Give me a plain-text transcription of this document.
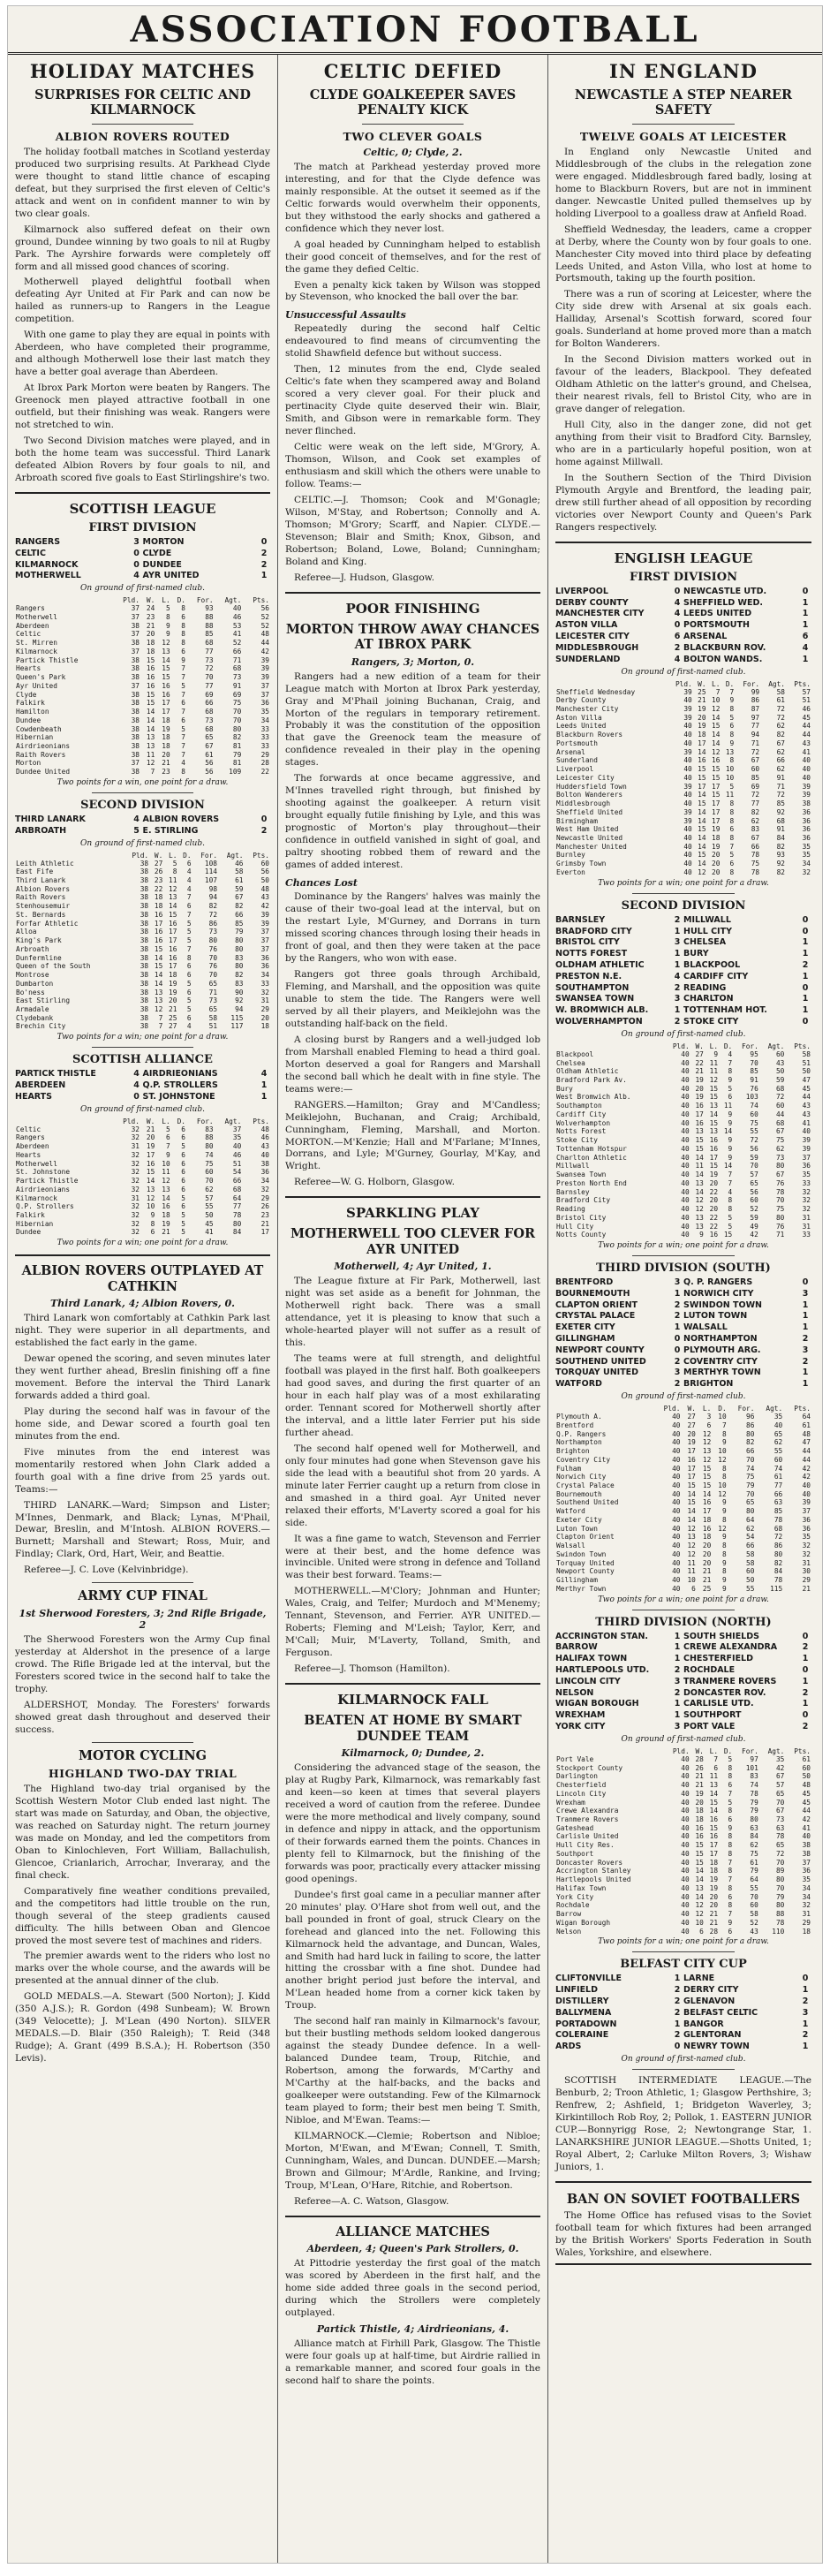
ASSOCIATION FOOTBALL
HOLIDAY MATCHES
SURPRISES FOR CELTIC AND KILMARNOCK
ALBION ROVERS ROUTED

The holiday football matches in Scotland yesterday produced two surprising results. At Parkhead Clyde were thought to stand little chance of escaping defeat, but they surprised the first eleven of Celtic's attack and went on in confident manner to win by two clear goals.

Kilmarnock also suffered defeat on their own ground, Dundee winning by two goals to nil at Rugby Park. The Ayrshire forwards were completely off form and all missed good chances of scoring.

Motherwell played delightful football when defeating Ayr United at Fir Park and can now be hailed as runners-up to Rangers in the League competition.

With one game to play they are equal in points with Aberdeen, who have completed their programme, and although Motherwell lose their last match they have a better goal average than Aberdeen.

At Ibrox Park Morton were beaten by Rangers. The Greenock men played attractive football in one outfield, but their finishing was weak. Rangers were not stretched to win.

Two Second Division matches were played, and in both the home team was successful. Third Lanark defeated Albion Rovers by four goals to nil, and Arbroath scored five goals to East Stirlingshire's two.

SCOTTISH LEAGUE
FIRST DIVISION
RANGERS	3 MORTON	0
CELTIC	0 CLYDE	2
KILMARNOCK	0 DUNDEE	2
MOTHERWELL	4 AYR UNITED	1
On ground of first-named club.
	Pld.	W.	L.	D.	For.	Agt.	Pts.
Rangers	37	24	5	8	93	40	56
Motherwell	37	23	8	6	88	46	52
Aberdeen	38	21	9	8	88	53	52
Celtic	37	20	9	8	85	41	48
St. Mirren	38	18	12	8	68	52	44
Kilmarnock	37	18	13	6	77	66	42
Partick Thistle	38	15	14	9	73	71	39
Hearts	38	16	15	7	72	68	39
Queen's Park	38	16	15	7	70	73	39
Ayr United	37	16	16	5	77	91	37
Clyde	38	15	16	7	69	69	37
Falkirk	38	15	17	6	66	75	36
Hamilton	38	14	17	7	68	70	35
Dundee	38	14	18	6	73	70	34
Cowdenbeath	38	14	19	5	68	80	33
Hibernian	38	13	18	7	65	82	33
Airdrieonians	38	13	18	7	67	81	33
Raith Rovers	38	11	20	7	61	79	29
Morton	37	12	21	4	56	81	28
Dundee United	38	7	23	8	56	109	22
Two points for a win, one point for a draw.
SECOND DIVISION
THIRD LANARK	4 ALBION ROVERS	0
ARBROATH	5 E. STIRLING	2
On ground of first-named club.
	Pld.	W.	L.	D.	For.	Agt.	Pts.
Leith Athletic	38	27	5	6	108	46	60
East Fife	38	26	8	4	114	58	56
Third Lanark	38	23	11	4	107	61	50
Albion Rovers	38	22	12	4	98	59	48
Raith Rovers	38	18	13	7	94	67	43
Stenhousemuir	38	18	14	6	82	82	42
St. Bernards	38	16	15	7	72	66	39
Forfar Athletic	38	17	16	5	86	85	39
Alloa	38	16	17	5	73	79	37
King's Park	38	16	17	5	80	80	37
Arbroath	38	15	16	7	76	80	37
Dunfermline	38	14	16	8	70	83	36
Queen of the South	38	15	17	6	76	80	36
Montrose	38	14	18	6	70	82	34
Dumbarton	38	14	19	5	65	83	33
Bo'ness	38	13	19	6	71	90	32
East Stirling	38	13	20	5	73	92	31
Armadale	38	12	21	5	65	94	29
Clydebank	38	7	25	6	58	115	20
Brechin City	38	7	27	4	51	117	18
Two points for a win; one point for a draw.
SCOTTISH ALLIANCE
PARTICK THISTLE	4 AIRDRIEONIANS	4
ABERDEEN	4 Q.P. STROLLERS	1
HEARTS	0 ST. JOHNSTONE	1
On ground of first-named club.
	Pld.	W.	L.	D.	For.	Agt.	Pts.
Celtic	32	21	5	6	83	37	48
Rangers	32	20	6	6	88	35	46
Aberdeen	31	19	7	5	80	40	43
Hearts	32	17	9	6	74	46	40
Motherwell	32	16	10	6	75	51	38
St. Johnstone	32	15	11	6	60	54	36
Partick Thistle	32	14	12	6	70	66	34
Airdrieonians	32	13	13	6	62	68	32
Kilmarnock	31	12	14	5	57	64	29
Q.P. Strollers	32	10	16	6	55	77	26
Falkirk	32	9	18	5	50	78	23
Hibernian	32	8	19	5	45	80	21
Dundee	32	6	21	5	41	84	17
Two points for a win; one point for a draw.
ALBION ROVERS OUTPLAYED AT CATHKIN
Third Lanark, 4; Albion Rovers, 0.

Third Lanark won comfortably at Cathkin Park last night. They were superior in all departments, and established the fact early in the game.

Dewar opened the scoring, and seven minutes later they went further ahead, Breslin finishing off a fine movement. Before the interval the Third Lanark forwards added a third goal.

Play during the second half was in favour of the home side, and Dewar scored a fourth goal ten minutes from the end.

Five minutes from the end interest was momentarily restored when John Clark added a fourth goal with a fine drive from 25 yards out. Teams:—

THIRD LANARK.—Ward; Simpson and Lister; M'Innes, Denmark, and Black; Lynas, M'Phail, Dewar, Breslin, and M'Intosh. ALBION ROVERS.—Burnett; Marshall and Stewart; Ross, Muir, and Findlay; Clark, Ord, Hart, Weir, and Beattie.

Referee—J. C. Love (Kelvinbridge).

ARMY CUP FINAL
1st Sherwood Foresters, 3; 2nd Rifle Brigade, 2

The Sherwood Foresters won the Army Cup final yesterday at Aldershot in the presence of a large crowd. The Rifle Brigade led at the interval, but the Foresters scored twice in the second half to take the trophy.

ALDERSHOT, Monday. The Foresters' forwards showed great dash throughout and deserved their success.

MOTOR CYCLING
HIGHLAND TWO-DAY TRIAL

The Highland two-day trial organised by the Scottish Western Motor Club ended last night. The start was made on Saturday, and Oban, the objective, was reached on Saturday night. The return journey was made on Monday, and led the competitors from Oban to Kinlochleven, Fort William, Ballachulish, Glencoe, Crianlarich, Arrochar, Inveraray, and the final check.

Comparatively fine weather conditions prevailed, and the competitors had little trouble on the run, though several of the steep gradients caused difficulty. The hills between Oban and Glencoe proved the most severe test of machines and riders.

The premier awards went to the riders who lost no marks over the whole course, and the awards will be presented at the annual dinner of the club.

GOLD MEDALS.—A. Stewart (500 Norton); J. Kidd (350 A.J.S.); R. Gordon (498 Sunbeam); W. Brown (349 Velocette); J. M'Lean (490 Norton). SILVER MEDALS.—D. Blair (350 Raleigh); T. Reid (348 Rudge); A. Grant (499 B.S.A.); H. Robertson (350 Levis).

CELTIC DEFIED
CLYDE GOALKEEPER SAVES PENALTY KICK
TWO CLEVER GOALS
Celtic, 0; Clyde, 2.

The match at Parkhead yesterday proved more interesting, and for that the Clyde defence was mainly responsible. At the outset it seemed as if the Celtic forwards would overwhelm their opponents, but they withstood the early shocks and gathered a confidence which they never lost.

A goal headed by Cunningham helped to establish their good conceit of themselves, and for the rest of the game they defied Celtic.

Even a penalty kick taken by Wilson was stopped by Stevenson, who knocked the ball over the bar.

Unsuccessful Assaults

Repeatedly during the second half Celtic endeavoured to find means of circumventing the stolid Shawfield defence but without success.

Then, 12 minutes from the end, Clyde sealed Celtic's fate when they scampered away and Boland scored a very clever goal. For their pluck and pertinacity Clyde quite deserved their win. Blair, Smith, and Gibson were in remarkable form. They never flinched.

Celtic were weak on the left side, M'Grory, A. Thomson, Wilson, and Cook set examples of enthusiasm and skill which the others were unable to follow. Teams:—

CELTIC.—J. Thomson; Cook and M'Gonagle; Wilson, M'Stay, and Robertson; Connolly and A. Thomson; M'Grory; Scarff, and Napier. CLYDE.—Stevenson; Blair and Smith; Knox, Gibson, and Robertson; Boland, Lowe, Boland; Cunningham; Boland and King.

Referee—J. Hudson, Glasgow.

POOR FINISHING
MORTON THROW AWAY CHANCES AT IBROX PARK
Rangers, 3; Morton, 0.

Rangers had a new edition of a team for their League match with Morton at Ibrox Park yesterday, Gray and M'Phail joining Buchanan, Craig, and Morton of the regulars in temporary retirement. Probably it was the constitution of the opposition that gave the Greenock team the measure of confidence revealed in their play in the opening stages.

The forwards at once became aggressive, and M'Innes travelled right through, but finished by shooting against the goalkeeper. A return visit brought equally futile finishing by Lyle, and this was prognostic of Morton's play throughout—their confidence in outfield vanished in sight of goal, and paltry shooting robbed them of reward and the games of added interest.

Chances Lost

Dominance by the Rangers' halves was mainly the cause of their two-goal lead at the interval, but on the restart Lyle, M'Gurney, and Dorrans in turn missed scoring chances through losing their heads in front of goal, and then they were taken at the pace by the Rangers, who won with ease.

Rangers got three goals through Archibald, Fleming, and Marshall, and the opposition was quite unable to stem the tide. The Rangers were well served by all their players, and Meiklejohn was the outstanding half-back on the field.

A closing burst by Rangers and a well-judged lob from Marshall enabled Fleming to head a third goal. Morton deserved a goal for Rangers and Marshall the second ball which he dealt with in fine style. The teams were:—

RANGERS.—Hamilton; Gray and M'Candless; Meiklejohn, Buchanan, and Craig; Archibald, Cunningham, Fleming, Marshall, and Morton. MORTON.—M'Kenzie; Hall and M'Farlane; M'Innes, Dorrans, and Lyle; M'Gurney, Gourlay, M'Kay, and Wright.

Referee—W. G. Holborn, Glasgow.

SPARKLING PLAY
MOTHERWELL TOO CLEVER FOR AYR UNITED
Motherwell, 4; Ayr United, 1.

The League fixture at Fir Park, Motherwell, last night was set aside as a benefit for Johnman, the Motherwell right back. There was a small attendance, yet it is pleasing to know that such a whole-hearted player will not suffer as a result of this.

The teams were at full strength, and delightful football was played in the first half. Both goalkeepers had good saves, and during the first quarter of an hour in each half play was of a most exhilarating order. Tennant scored for Motherwell shortly after the interval, and a little later Ferrier put his side further ahead.

The second half opened well for Motherwell, and only four minutes had gone when Stevenson gave his side the lead with a beautiful shot from 20 yards. A minute later Ferrier caught up a return from close in and smashed in a third goal. Ayr United never relaxed their efforts, M'Laverty scored a goal for his side.

It was a fine game to watch, Stevenson and Ferrier were at their best, and the home defence was invincible. United were strong in defence and Tolland was their best forward. Teams:—

MOTHERWELL.—M'Clory; Johnman and Hunter; Wales, Craig, and Telfer; Murdoch and M'Menemy; Tennant, Stevenson, and Ferrier. AYR UNITED.—Roberts; Fleming and M'Leish; Taylor, Kerr, and M'Call; Muir, M'Laverty, Tolland, Smith, and Ferguson.

Referee—J. Thomson (Hamilton).

KILMARNOCK FALL
BEATEN AT HOME BY SMART DUNDEE TEAM
Kilmarnock, 0; Dundee, 2.

Considering the advanced stage of the season, the play at Rugby Park, Kilmarnock, was remarkably fast and keen—so keen at times that several players received a word of caution from the referee. Dundee were the more methodical and lively company, sound in defence and nippy in attack, and the opportunism of their forwards earned them the points. Chances in plenty fell to Kilmarnock, but the finishing of the forwards was poor, practically every attacker missing good openings.

Dundee's first goal came in a peculiar manner after 20 minutes' play. O'Hare shot from well out, and the ball pounded in front of goal, struck Cleary on the forehead and glanced into the net. Following this Kilmarnock held the advantage, and Duncan, Wales, and Smith had hard luck in failing to score, the latter hitting the crossbar with a fine shot. Dundee had another bright period just before the interval, and M'Lean headed home from a corner kick taken by Troup.

The second half ran mainly in Kilmarnock's favour, but their bustling methods seldom looked dangerous against the steady Dundee defence. In a well-balanced Dundee team, Troup, Ritchie, and Robertson, among the forwards, M'Carthy and M'Carthy at the half-backs, and the backs and goalkeeper were outstanding. Few of the Kilmarnock team played to form; their best men being T. Smith, Nibloe, and M'Ewan. Teams:—

KILMARNOCK.—Clemie; Robertson and Nibloe; Morton, M'Ewan, and M'Ewan; Connell, T. Smith, Cunningham, Wales, and Duncan. DUNDEE.—Marsh; Brown and Gilmour; M'Ardle, Rankine, and Irving; Troup, M'Lean, O'Hare, Ritchie, and Robertson.

Referee—A. C. Watson, Glasgow.

ALLIANCE MATCHES
Aberdeen, 4; Queen's Park Strollers, 0.

At Pittodrie yesterday the first goal of the match was scored by Aberdeen in the first half, and the home side added three goals in the second period, during which the Strollers were completely outplayed.

Partick Thistle, 4; Airdrieonians, 4.

Alliance match at Firhill Park, Glasgow. The Thistle were four goals up at half-time, but Airdrie rallied in a remarkable manner, and scored four goals in the second half to share the points.

IN ENGLAND
NEWCASTLE A STEP NEARER SAFETY
TWELVE GOALS AT LEICESTER

In England only Newcastle United and Middlesbrough of the clubs in the relegation zone were engaged. Middlesbrough fared badly, losing at home to Blackburn Rovers, but are not in imminent danger. Newcastle United pulled themselves up by holding Liverpool to a goalless draw at Anfield Road.

Sheffield Wednesday, the leaders, came a cropper at Derby, where the County won by four goals to one. Manchester City moved into third place by defeating Leeds United, and Aston Villa, who lost at home to Portsmouth, taking up the fourth position.

There was a run of scoring at Leicester, where the City side drew with Arsenal at six goals each. Halliday, Arsenal's Scottish forward, scored four goals. Sunderland at home proved more than a match for Bolton Wanderers.

In the Second Division matters worked out in favour of the leaders, Blackpool. They defeated Oldham Athletic on the latter's ground, and Chelsea, their nearest rivals, fell to Bristol City, who are in grave danger of relegation.

Hull City, also in the danger zone, did not get anything from their visit to Bradford City. Barnsley, who are in a particularly hopeful position, won at home against Millwall.

In the Southern Section of the Third Division Plymouth Argyle and Brentford, the leading pair, drew still further ahead of all opposition by recording victories over Newport County and Queen's Park Rangers respectively.

ENGLISH LEAGUE
FIRST DIVISION
LIVERPOOL	0 NEWCASTLE UTD.	0
DERBY COUNTY	4 SHEFFIELD WED.	1
MANCHESTER CITY	4 LEEDS UNITED	1
ASTON VILLA	0 PORTSMOUTH	1
LEICESTER CITY	6 ARSENAL	6
MIDDLESBROUGH	2 BLACKBURN ROV.	4
SUNDERLAND	4 BOLTON WANDS.	1
On ground of first-named club.
	Pld.	W.	L.	D.	For.	Agt.	Pts.
Sheffield Wednesday	39	25	7	7	99	58	57
Derby County	40	21	10	9	86	61	51
Manchester City	39	19	12	8	87	72	46
Aston Villa	39	20	14	5	97	72	45
Leeds United	40	19	15	6	77	62	44
Blackburn Rovers	40	18	14	8	94	82	44
Portsmouth	40	17	14	9	71	67	43
Arsenal	39	14	12	13	72	62	41
Sunderland	40	16	16	8	67	66	40
Liverpool	40	15	15	10	60	62	40
Leicester City	40	15	15	10	85	91	40
Huddersfield Town	39	17	17	5	69	71	39
Bolton Wanderers	40	14	15	11	72	72	39
Middlesbrough	40	15	17	8	77	85	38
Sheffield United	39	14	17	8	82	92	36
Birmingham	39	14	17	8	62	68	36
West Ham United	40	15	19	6	83	91	36
Newcastle United	40	14	18	8	67	84	36
Manchester United	40	14	19	7	66	82	35
Burnley	40	15	20	5	78	93	35
Grimsby Town	40	14	20	6	75	92	34
Everton	40	12	20	8	78	82	32
Two points for a win; one point for a draw.
SECOND DIVISION
BARNSLEY	2 MILLWALL	0
BRADFORD CITY	1 HULL CITY	0
BRISTOL CITY	3 CHELSEA	1
NOTTS FOREST	1 BURY	1
OLDHAM ATHLETIC	1 BLACKPOOL	2
PRESTON N.E.	4 CARDIFF CITY	1
SOUTHAMPTON	2 READING	0
SWANSEA TOWN	3 CHARLTON	1
W. BROMWICH ALB.	1 TOTTENHAM HOT.	1
WOLVERHAMPTON	2 STOKE CITY	0
On ground of first-named club.
	Pld.	W.	L.	D.	For.	Agt.	Pts.
Blackpool	40	27	9	4	95	60	58
Chelsea	40	22	11	7	70	43	51
Oldham Athletic	40	21	11	8	85	50	50
Bradford Park Av.	40	19	12	9	91	59	47
Bury	40	20	15	5	76	68	45
West Bromwich Alb.	40	19	15	6	103	72	44
Southampton	40	16	13	11	74	60	43
Cardiff City	40	17	14	9	60	44	43
Wolverhampton	40	16	15	9	75	68	41
Notts Forest	40	13	13	14	55	67	40
Stoke City	40	15	16	9	72	75	39
Tottenham Hotspur	40	15	16	9	56	62	39
Charlton Athletic	40	14	17	9	59	73	37
Millwall	40	11	15	14	70	80	36
Swansea Town	40	14	19	7	57	67	35
Preston North End	40	13	20	7	65	76	33
Barnsley	40	14	22	4	56	78	32
Bradford City	40	12	20	8	60	70	32
Reading	40	12	20	8	52	75	32
Bristol City	40	13	22	5	59	80	31
Hull City	40	13	22	5	49	76	31
Notts County	40	9	16	15	42	71	33
Two points for a win; one point for a draw.
THIRD DIVISION (SOUTH)
BRENTFORD	3 Q. P. RANGERS	0
BOURNEMOUTH	1 NORWICH CITY	3
CLAPTON ORIENT	2 SWINDON TOWN	1
CRYSTAL PALACE	2 LUTON TOWN	1
EXETER CITY	1 WALSALL	1
GILLINGHAM	0 NORTHAMPTON	2
NEWPORT COUNTY	0 PLYMOUTH ARG.	3
SOUTHEND UNITED	2 COVENTRY CITY	2
TORQUAY UNITED	3 MERTHYR TOWN	1
WATFORD	2 BRIGHTON	1
On ground of first-named club.
	Pld.	W.	L.	D.	For.	Agt.	Pts.
Plymouth A.	40	27	3	10	96	35	64
Brentford	40	27	6	7	86	40	61
Q.P. Rangers	40	20	12	8	80	65	48
Northampton	40	19	12	9	82	62	47
Brighton	40	17	13	10	66	55	44
Coventry City	40	16	12	12	70	60	44
Fulham	40	17	15	8	74	74	42
Norwich City	40	17	15	8	75	61	42
Crystal Palace	40	15	15	10	79	77	40
Bournemouth	40	14	14	12	70	66	40
Southend United	40	15	16	9	65	63	39
Watford	40	14	17	9	80	85	37
Exeter City	40	14	18	8	64	78	36
Luton Town	40	12	16	12	62	68	36
Clapton Orient	40	13	18	9	54	72	35
Walsall	40	12	20	8	66	86	32
Swindon Town	40	12	20	8	58	80	32
Torquay United	40	11	20	9	58	82	31
Newport County	40	11	21	8	60	84	30
Gillingham	40	10	21	9	50	78	29
Merthyr Town	40	6	25	9	55	115	21
Two points for a win; one point for a draw.
THIRD DIVISION (NORTH)
ACCRINGTON STAN.	1 SOUTH SHIELDS	0
BARROW	1 CREWE ALEXANDRA	2
HALIFAX TOWN	1 CHESTERFIELD	1
HARTLEPOOLS UTD.	2 ROCHDALE	0
LINCOLN CITY	3 TRANMERE ROVERS	1
NELSON	2 DONCASTER ROV.	2
WIGAN BOROUGH	1 CARLISLE UTD.	1
WREXHAM	1 SOUTHPORT	0
YORK CITY	3 PORT VALE	2
On ground of first-named club.
	Pld.	W.	L.	D.	For.	Agt.	Pts.
Port Vale	40	28	7	5	97	35	61
Stockport County	40	26	6	8	101	42	60
Darlington	40	21	11	8	83	67	50
Chesterfield	40	21	13	6	74	57	48
Lincoln City	40	19	14	7	78	65	45
Wrexham	40	20	15	5	79	70	45
Crewe Alexandra	40	18	14	8	79	67	44
Tranmere Rovers	40	18	16	6	80	73	42
Gateshead	40	16	15	9	63	63	41
Carlisle United	40	16	16	8	84	78	40
Hull City Res.	40	15	17	8	62	65	38
Southport	40	15	17	8	75	72	38
Doncaster Rovers	40	15	18	7	61	70	37
Accrington Stanley	40	14	18	8	79	89	36
Hartlepools United	40	14	19	7	64	80	35
Halifax Town	40	13	19	8	55	70	34
York City	40	14	20	6	70	79	34
Rochdale	40	12	20	8	60	80	32
Barrow	40	12	21	7	58	88	31
Wigan Borough	40	10	21	9	52	78	29
Nelson	40	6	28	6	43	110	18
Two points for a win; one point for a draw.
BELFAST CITY CUP
CLIFTONVILLE	1 LARNE	0
LINFIELD	2 DERRY CITY	1
DISTILLERY	2 GLENAVON	2
BALLYMENA	2 BELFAST CELTIC	3
PORTADOWN	1 BANGOR	1
COLERAINE	2 GLENTORAN	2
ARDS	0 NEWRY TOWN	1
On ground of first-named club.

SCOTTISH INTERMEDIATE LEAGUE.—The Benburb, 2; Troon Athletic, 1; Glasgow Perthshire, 3; Renfrew, 2; Ashfield, 1; Bridgeton Waverley, 3; Kirkintilloch Rob Roy, 2; Pollok, 1. EASTERN JUNIOR CUP.—Bonnyrigg Rose, 2; Newtongrange Star, 1. LANARKSHIRE JUNIOR LEAGUE.—Shotts United, 1; Royal Albert, 2; Carluke Milton Rovers, 3; Wishaw Juniors, 1.

BAN ON SOVIET FOOTBALLERS

The Home Office has refused visas to the Soviet football team for which fixtures had been arranged by the British Workers' Sports Federation in South Wales, Yorkshire, and elsewhere.
